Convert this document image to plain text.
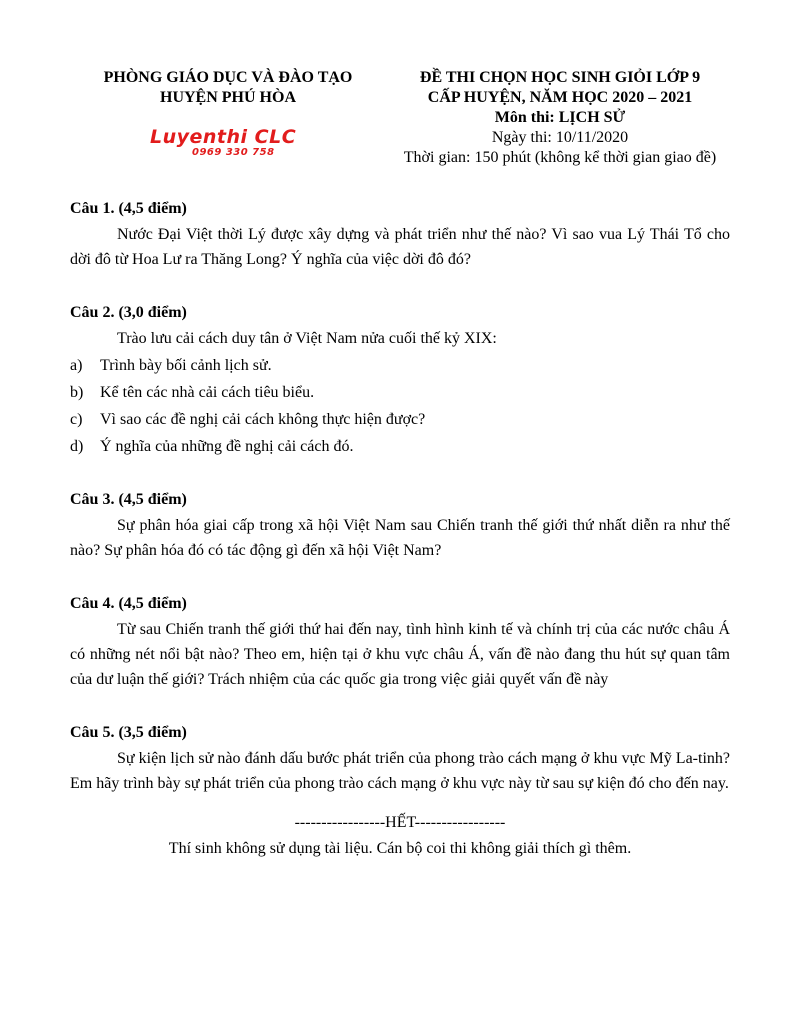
PHÒNG GIÁO DỤC VÀ ĐÀO TẠO
HUYỆN PHÚ HÒA
Luyenthi CLC
0969 330 758
ĐỀ THI CHỌN HỌC SINH GIỎI LỚP 9
CẤP HUYỆN, NĂM HỌC 2020 – 2021
Môn thi: LỊCH SỬ
Ngày thi: 10/11/2020
Thời gian: 150 phút (không kể thời gian giao đề)

Câu 1. (4,5 điểm)

Nước Đại Việt thời Lý được xây dựng và phát triển như thế nào? Vì sao vua Lý Thái Tổ cho dời đô từ Hoa Lư ra Thăng Long? Ý nghĩa của việc dời đô đó?

Câu 2. (3,0 điểm)

Trào lưu cải cách duy tân ở Việt Nam nửa cuối thế kỷ XIX:

a) Trình bày bối cảnh lịch sử.
b) Kể tên các nhà cải cách tiêu biểu.
c) Vì sao các đề nghị cải cách không thực hiện được?
d) Ý nghĩa của những đề nghị cải cách đó.

Câu 3. (4,5 điểm)

Sự phân hóa giai cấp trong xã hội Việt Nam sau Chiến tranh thế giới thứ nhất diễn ra như thế nào? Sự phân hóa đó có tác động gì đến xã hội Việt Nam?

Câu 4. (4,5 điểm)

Từ sau Chiến tranh thế giới thứ hai đến nay, tình hình kinh tế và chính trị của các nước châu Á có những nét nổi bật nào? Theo em, hiện tại ở khu vực châu Á, vấn đề nào đang thu hút sự quan tâm của dư luận thế giới? Trách nhiệm của các quốc gia trong việc giải quyết vấn đề này

Câu 5. (3,5 điểm)

Sự kiện lịch sử nào đánh dấu bước phát triển của phong trào cách mạng ở khu vực Mỹ La-tinh? Em hãy trình bày sự phát triển của phong trào cách mạng ở khu vực này từ sau sự kiện đó cho đến nay.

-----------------HẾT-----------------
Thí sinh không sử dụng tài liệu. Cán bộ coi thi không giải thích gì thêm.
